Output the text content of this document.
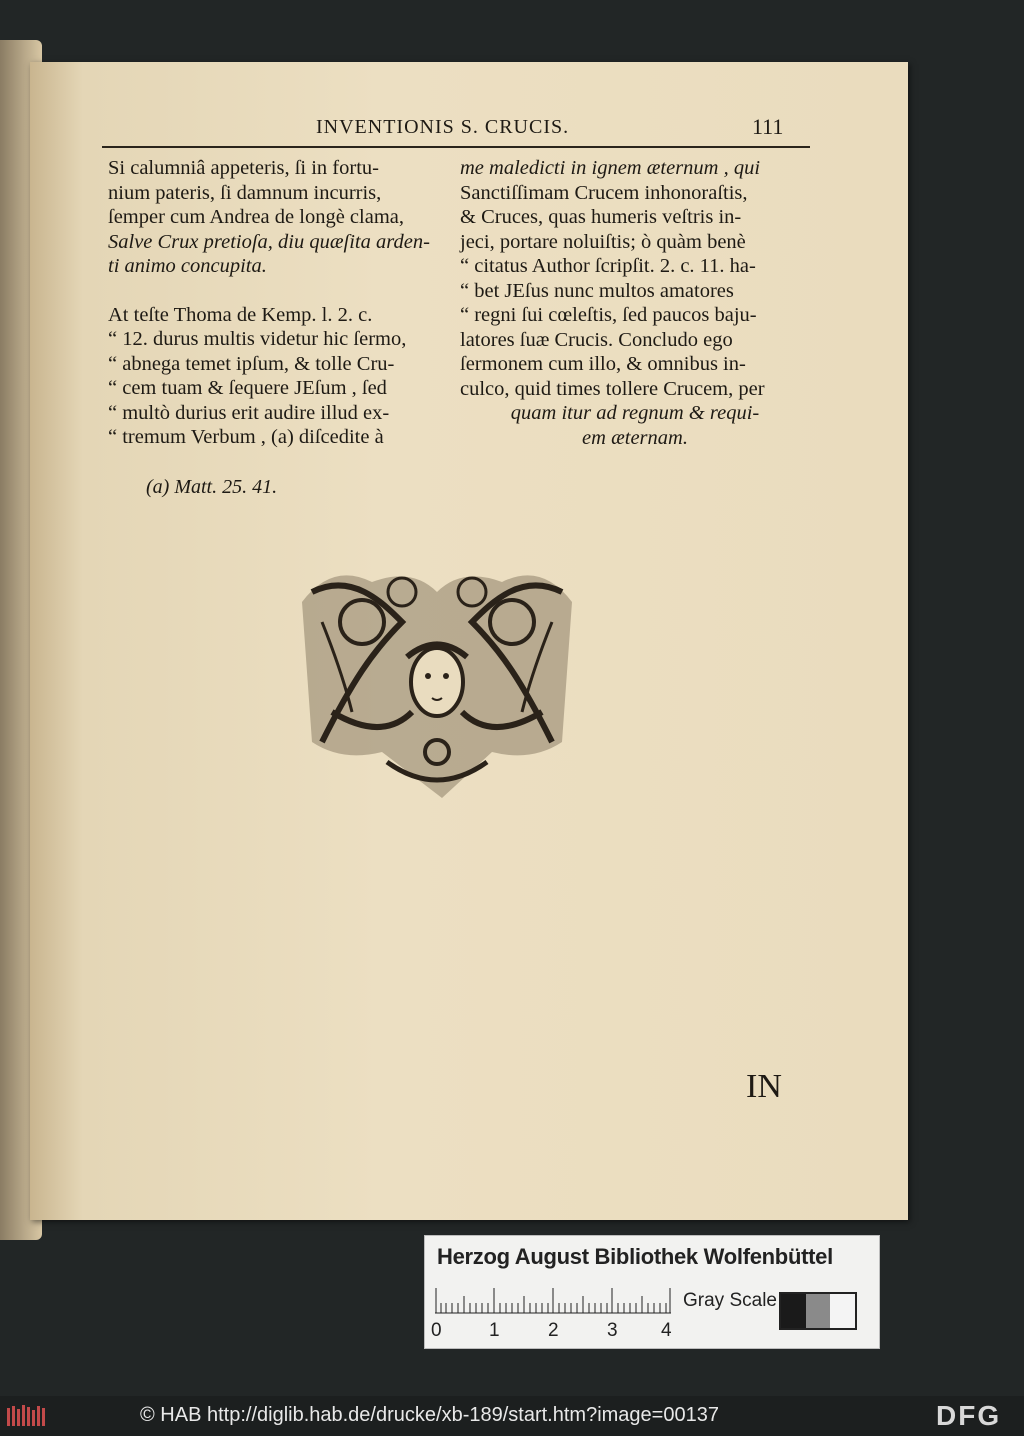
INVENTIONIS S. CRUCIS.	111

Si calumniâ appeteris, ſi in fortu-

nium pateris, ſi damnum incurris,

ſemper cum Andrea de longè clama,

Salve Crux pretioſa, diu quæſita arden-

ti animo concupita.

At teſte Thoma de Kemp. l. 2. c.

“ 12. durus multis videtur hic ſermo,

“ abnega temet ipſum, & tolle Cru-

“ cem tuam & ſequere JEſum , ſed

“ multò durius erit audire illud ex-

“ tremum Verbum , (a) diſcedite à

me maledicti in ignem æternum , qui

Sanctiſſimam Crucem inhonoraſtis,

& Cruces, quas humeris veſtris in-

jeci, portare noluiſtis; ò quàm benè

“ citatus Author ſcripſit. 2. c. 11. ha-

“ bet JEſus nunc multos amatores

“ regni ſui cœleſtis, ſed paucos baju-

latores ſuæ Crucis. Concludo ego

ſermonem cum illo, & omnibus in-

culco, quid times tollere Crucem, per

quam itur ad regnum & requi-

em æternam.

(a) Matt. 25. 41.
IN
Herzog August Bibliothek Wolfenbüttel
0 1	2	3 4
Gray Scale
© HAB http://diglib.hab.de/drucke/xb-189/start.htm?image=00137	DFG
